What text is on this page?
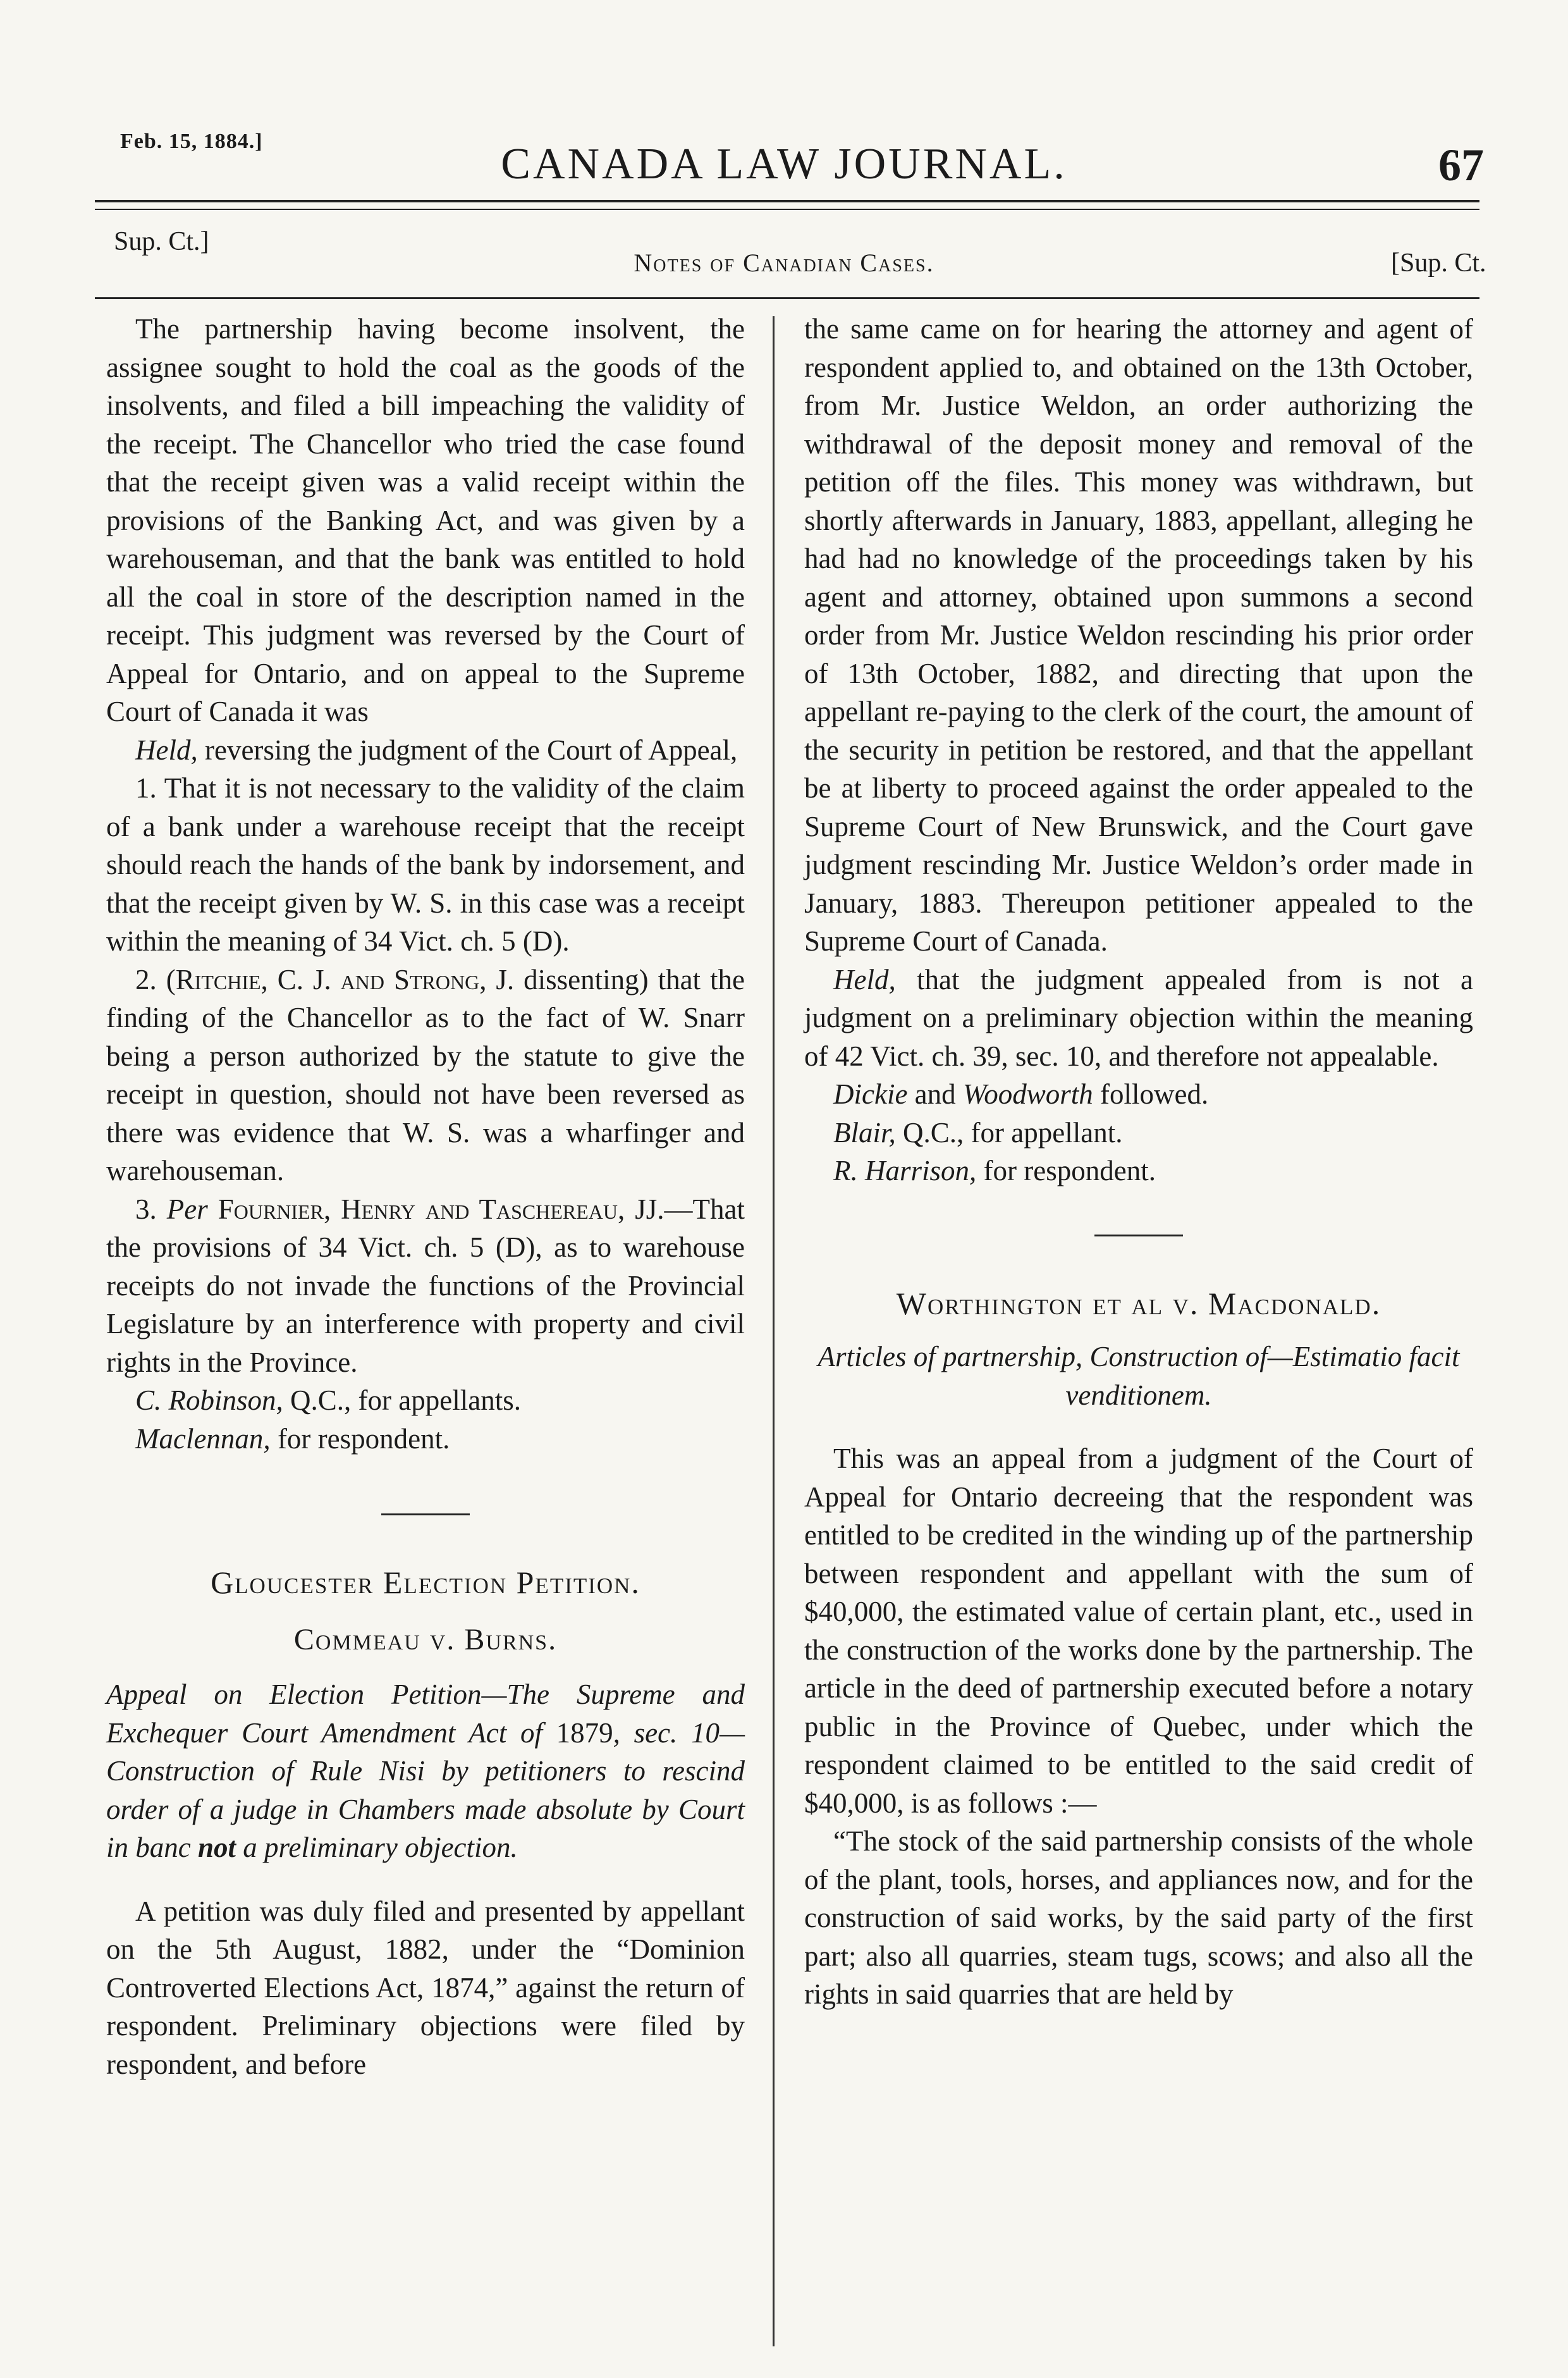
Feb. 15, 1884.]	CANADA LAW JOURNAL.	67
Sup. Ct.]
Notes of Canadian Cases.	[Sup. Ct.

The partnership having become insolvent, the assignee sought to hold the coal as the goods of the insolvents, and filed a bill impeaching the validity of the receipt. The Chancellor who tried the case found that the receipt given was a valid receipt within the provisions of the Banking Act, and was given by a warehouseman, and that the bank was entitled to hold all the coal in store of the description named in the receipt. This judgment was reversed by the Court of Appeal for Ontario, and on appeal to the Supreme Court of Canada it was

Held, reversing the judgment of the Court of Appeal,

1. That it is not necessary to the validity of the claim of a bank under a warehouse receipt that the receipt should reach the hands of the bank by indorsement, and that the receipt given by W. S. in this case was a receipt within the meaning of 34 Vict. ch. 5 (D).

2. (Ritchie, C. J. and Strong, J. dissenting) that the finding of the Chancellor as to the fact of W. Snarr being a person authorized by the statute to give the receipt in question, should not have been reversed as there was evidence that W. S. was a wharfinger and warehouseman.

3. Per Fournier, Henry and Taschereau, JJ.—That the provisions of 34 Vict. ch. 5 (D), as to warehouse receipts do not invade the functions of the Provincial Legislature by an interference with property and civil rights in the Province.

C. Robinson, Q.C., for appellants.

Maclennan, for respondent.

Gloucester Election Petition.

Commeau v. Burns.

Appeal on Election Petition—The Supreme and Exchequer Court Amendment Act of 1879, sec. 10—Construction of Rule Nisi by petitioners to rescind order of a judge in Chambers made absolute by Court in banc not a preliminary objection.

A petition was duly filed and presented by appellant on the 5th August, 1882, under the “Dominion Controverted Elections Act, 1874,” against the return of respondent. Preliminary objections were filed by respondent, and before

the same came on for hearing the attorney and agent of respondent applied to, and obtained on the 13th October, from Mr. Justice Weldon, an order authorizing the withdrawal of the deposit money and removal of the petition off the files. This money was withdrawn, but shortly afterwards in January, 1883, appellant, alleging he had had no knowledge of the proceedings taken by his agent and attorney, obtained upon summons a second order from Mr. Justice Weldon rescinding his prior order of 13th October, 1882, and directing that upon the appellant re-paying to the clerk of the court, the amount of the security in petition be restored, and that the appellant be at liberty to proceed against the order appealed to the Supreme Court of New Brunswick, and the Court gave judgment rescinding Mr. Justice Weldon’s order made in January, 1883. Thereupon petitioner appealed to the Supreme Court of Canada.

Held, that the judgment appealed from is not a judgment on a preliminary objection within the meaning of 42 Vict. ch. 39, sec. 10, and therefore not appealable.

Dickie and Woodworth followed.

Blair, Q.C., for appellant.

R. Harrison, for respondent.

Worthington et al v. Macdonald.

Articles of partnership, Construction of—Estimatio facit venditionem.

This was an appeal from a judgment of the Court of Appeal for Ontario decreeing that the respondent was entitled to be credited in the winding up of the partnership between respondent and appellant with the sum of $40,000, the estimated value of certain plant, etc., used in the construction of the works done by the partnership. The article in the deed of partnership executed before a notary public in the Province of Quebec, under which the respondent claimed to be entitled to the said credit of $40,000, is as follows :—

“The stock of the said partnership consists of the whole of the plant, tools, horses, and appliances now, and for the construction of said works, by the said party of the first part; also all quarries, steam tugs, scows; and also all the rights in said quarries that are held by
